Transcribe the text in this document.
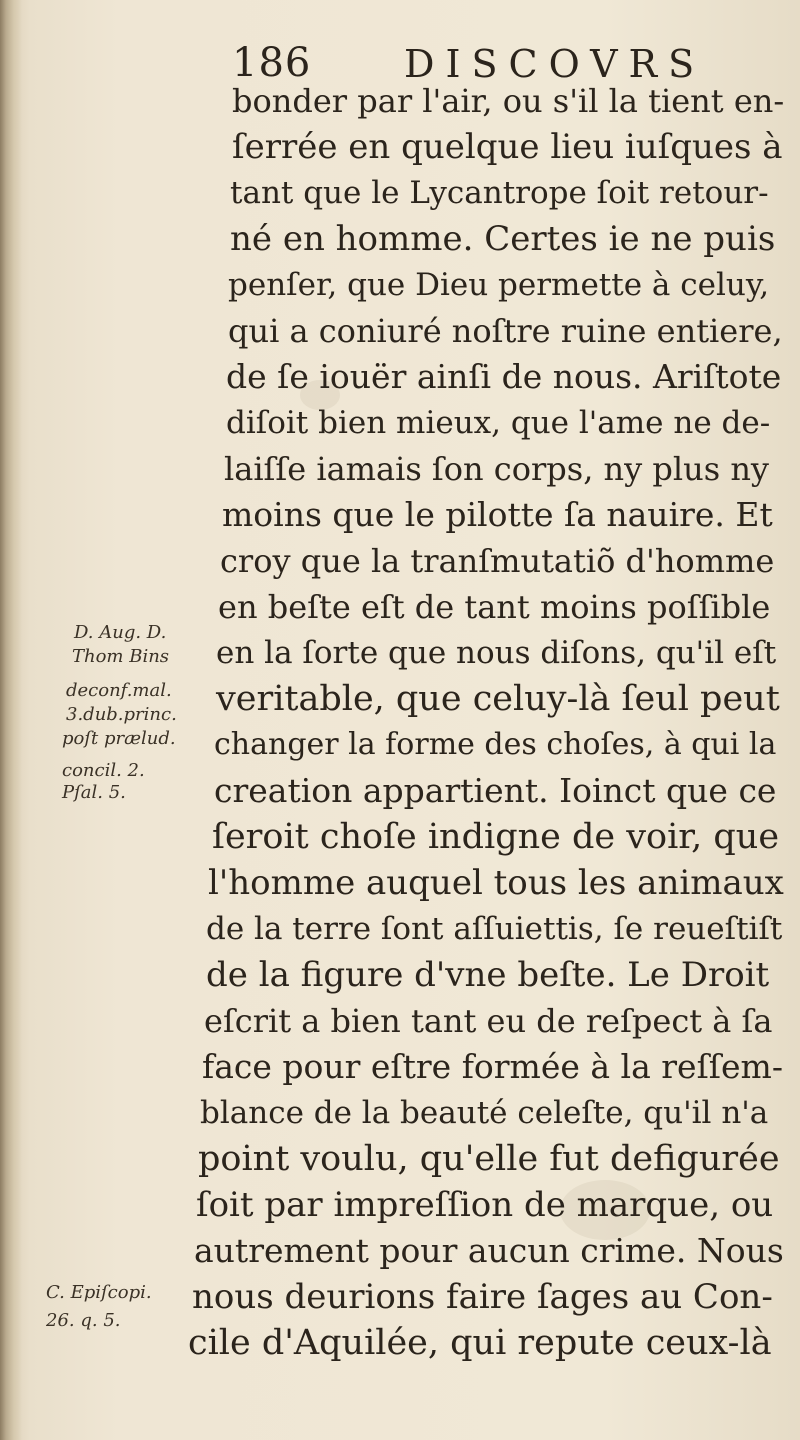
186 DISCOVRS
bonder par l'air, ou s'il la tient en-
ſerrée en quelque lieu iuſques à
tant que le Lycantrope ſoit retour-
né en homme. Certes ie ne puis
penſer, que Dieu permette à celuy,
qui a coniuré noſtre ruine entiere,
de ſe iouër ainſi de nous. Ariſtote
diſoit bien mieux, que l'ame ne de-
laiſſe iamais ſon corps, ny plus ny
moins que le pilotte ſa nauire. Et
croy que la tranſmutatiõ d'homme
en beſte eſt de tant moins poſſible
en la ſorte que nous diſons, qu'il eſt
veritable, que celuy-là ſeul peut
changer la forme des choſes, à qui la
creation appartient. Ioinct que ce
ſeroit choſe indigne de voir, que
l'homme auquel tous les animaux
de la terre ſont aſſuiettis, ſe reueſtiſt
de la figure d'vne beſte. Le Droit
eſcrit a bien tant eu de reſpect à ſa
face pour eſtre formée à la reſſem-
blance de la beauté celeſte, qu'il n'a
point voulu, qu'elle fut defigurée
ſoit par impreſſion de marque, ou
autrement pour aucun crime. Nous
nous deurions faire ſages au Con-
cile d'Aquilée, qui repute ceux-là
D. Aug. D.
Thom Bins
deconf.mal.
3.dub.princ.
poſt prælud.
concil. 2.
Pſal. 5.
C. Epiſcopi.
26. q. 5.
